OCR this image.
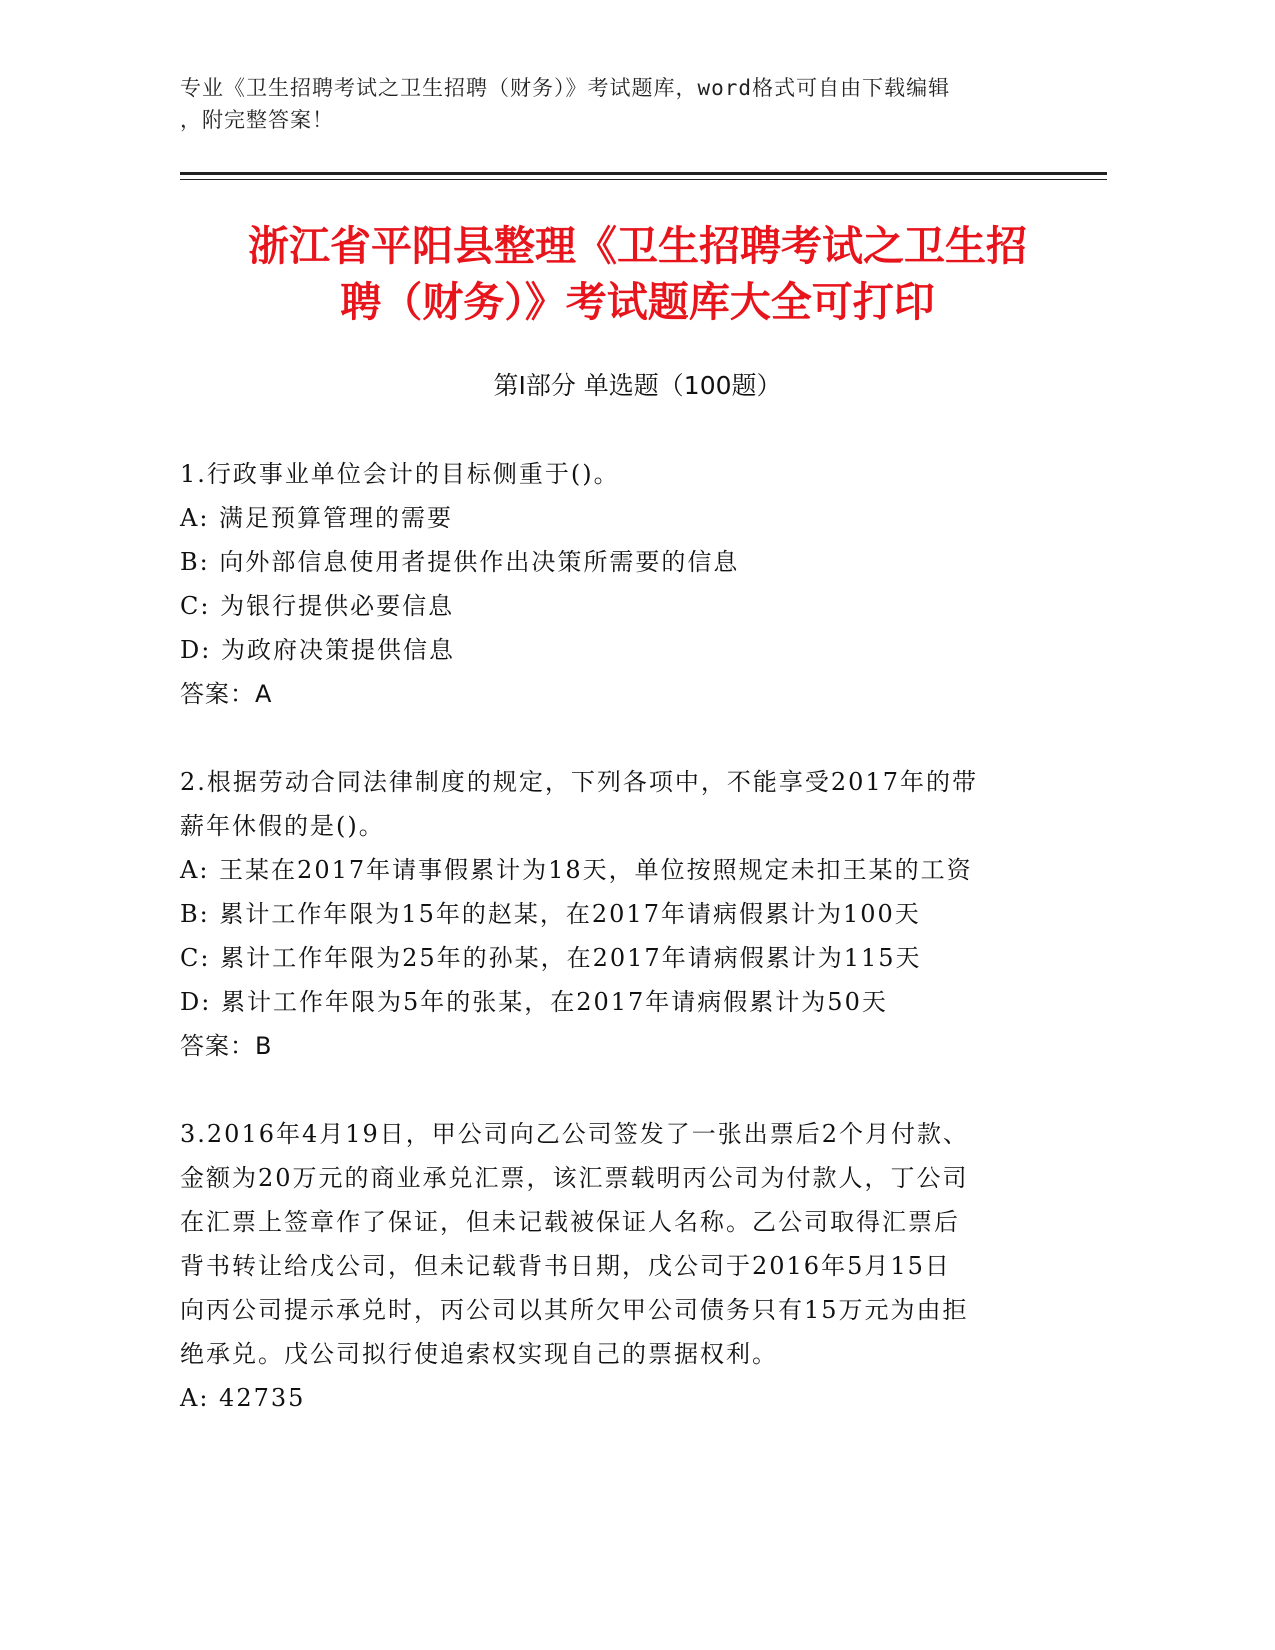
专业《卫生招聘考试之卫生招聘（财务）》考试题库，word格式可自由下载编辑
，附完整答案！
浙江省平阳县整理《卫生招聘考试之卫生招
聘（财务）》考试题库大全可打印
第Ⅰ部分 单选题（100题）
1.行政事业单位会计的目标侧重于()。
A: 满足预算管理的需要
B: 向外部信息使用者提供作出决策所需要的信息
C: 为银行提供必要信息
D: 为政府决策提供信息
答案：A
2.根据劳动合同法律制度的规定，下列各项中，不能享受2017年的带
薪年休假的是()。
A: 王某在2017年请事假累计为18天，单位按照规定未扣王某的工资
B: 累计工作年限为15年的赵某，在2017年请病假累计为100天
C: 累计工作年限为25年的孙某，在2017年请病假累计为115天
D: 累计工作年限为5年的张某，在2017年请病假累计为50天
答案：B
3.2016年4月19日，甲公司向乙公司签发了一张出票后2个月付款、
金额为20万元的商业承兑汇票，该汇票载明丙公司为付款人，丁公司
在汇票上签章作了保证，但未记载被保证人名称。乙公司取得汇票后
背书转让给戊公司，但未记载背书日期，戊公司于2016年5月15日
向丙公司提示承兑时，丙公司以其所欠甲公司债务只有15万元为由拒
绝承兑。戊公司拟行使追索权实现自己的票据权利。
A: 42735
